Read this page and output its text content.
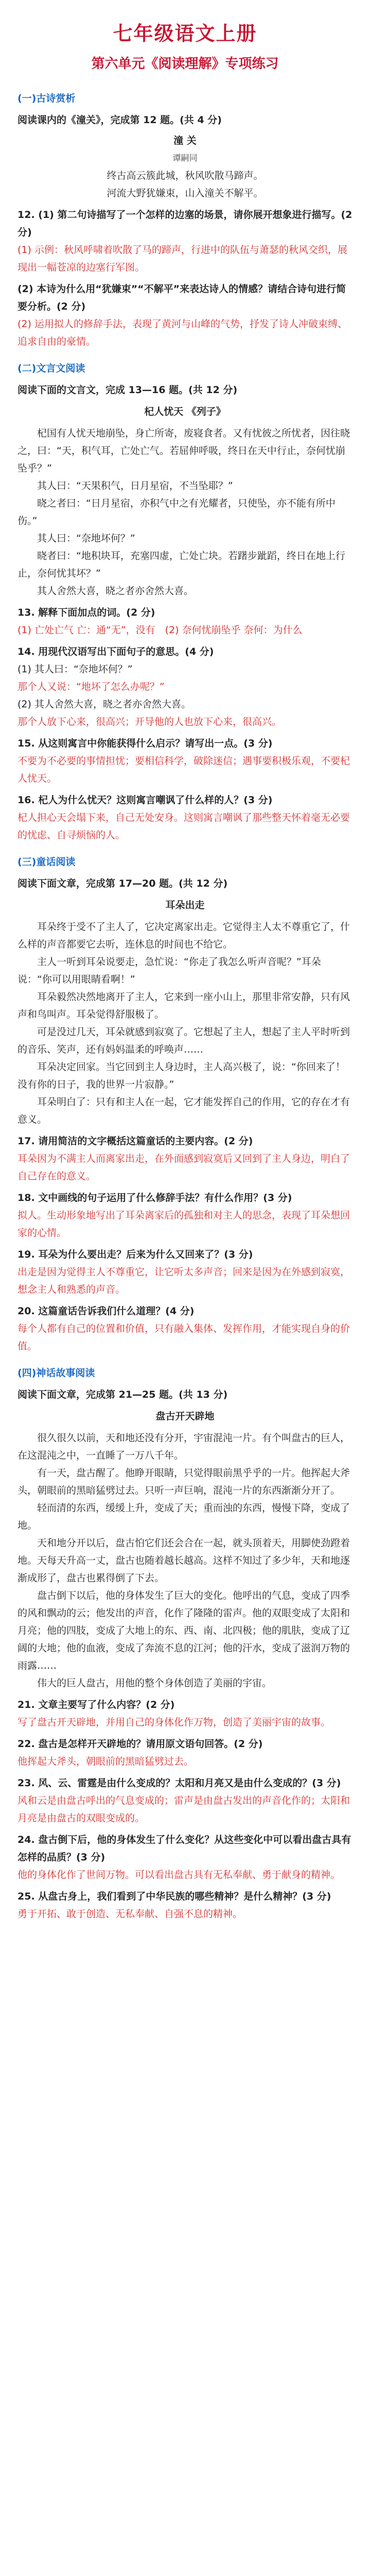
七年级语文上册
第六单元《阅读理解》专项练习
(一)古诗赏析
阅读课内的《潼关》，完成第 12 题。(共 4 分)
潼 关
谭嗣同
终古高云簇此城，秋风吹散马蹄声。
河流大野犹嫌束，山入潼关不解平。
12. (1) 第二句诗描写了一个怎样的边塞的场景，请你展开想象进行描写。(2 分)
(1) 示例：秋风呼啸着吹散了马的蹄声，行进中的队伍与萧瑟的秋风交织，展现出一幅苍凉的边塞行军图。
(2) 本诗为什么用“犹嫌束”“不解平”来表达诗人的情感？请结合诗句进行简要分析。(2 分)
(2) 运用拟人的修辞手法，表现了黄河与山峰的气势，抒发了诗人冲破束缚、追求自由的豪情。
(二)文言文阅读
阅读下面的文言文，完成 13—16 题。(共 12 分)
杞人忧天 《列子》
杞国有人忧天地崩坠，身亡所寄，废寝食者。又有忧彼之所忧者，因往晓之，曰：“天，积气耳，亡处亡气。若屈伸呼吸，终日在天中行止，奈何忧崩坠乎？”
其人曰：“天果积气，日月星宿，不当坠耶？”
晓之者曰：“日月星宿，亦积气中之有光耀者，只使坠，亦不能有所中伤。”
其人曰：“奈地坏何？”
晓者曰：“地积块耳，充塞四虚，亡处亡块。若躇步跐蹈，终日在地上行止，奈何忧其坏？”
其人舍然大喜，晓之者亦舍然大喜。
13. 解释下面加点的词。(2 分)
(1) 亡处亡气 亡：通“无”，没有　(2) 奈何忧崩坠乎 奈何：为什么
14. 用现代汉语写出下面句子的意思。(4 分)
(1) 其人曰：“奈地坏何？”
那个人又说：“地坏了怎么办呢？”
(2) 其人舍然大喜，晓之者亦舍然大喜。
那个人放下心来，很高兴；开导他的人也放下心来，很高兴。
15. 从这则寓言中你能获得什么启示？请写出一点。(3 分)
不要为不必要的事情担忧；要相信科学，破除迷信；遇事要积极乐观，不要杞人忧天。
16. 杞人为什么忧天？这则寓言嘲讽了什么样的人？(3 分)
杞人担心天会塌下来，自己无处安身。这则寓言嘲讽了那些整天怀着毫无必要的忧虑、自寻烦恼的人。
(三)童话阅读
阅读下面文章，完成第 17—20 题。(共 12 分)
耳朵出走
耳朵终于受不了主人了，它决定离家出走。它觉得主人太不尊重它了，什么样的声音都要它去听，连休息的时间也不给它。
主人一听到耳朵说要走，急忙说：“你走了我怎么听声音呢？”耳朵说：“你可以用眼睛看啊！”
耳朵毅然决然地离开了主人，它来到一座小山上，那里非常安静，只有风声和鸟叫声。耳朵觉得舒服极了。
可是没过几天，耳朵就感到寂寞了。它想起了主人，想起了主人平时听到的音乐、笑声，还有妈妈温柔的呼唤声……
耳朵决定回家。当它回到主人身边时，主人高兴极了，说：“你回来了！没有你的日子，我的世界一片寂静。”
耳朵明白了：只有和主人在一起，它才能发挥自己的作用，它的存在才有意义。
17. 请用简洁的文字概括这篇童话的主要内容。(2 分)
耳朵因为不满主人而离家出走，在外面感到寂寞后又回到了主人身边，明白了自己存在的意义。
18. 文中画线的句子运用了什么修辞手法？有什么作用？(3 分)
拟人。生动形象地写出了耳朵离家后的孤独和对主人的思念，表现了耳朵想回家的心情。
19. 耳朵为什么要出走？后来为什么又回来了？(3 分)
出走是因为觉得主人不尊重它，让它听太多声音；回来是因为在外感到寂寞，想念主人和熟悉的声音。
20. 这篇童话告诉我们什么道理？(4 分)
每个人都有自己的位置和价值，只有融入集体、发挥作用，才能实现自身的价值。
(四)神话故事阅读
阅读下面文章，完成第 21—25 题。(共 13 分)
盘古开天辟地
很久很久以前，天和地还没有分开，宇宙混沌一片。有个叫盘古的巨人，在这混沌之中，一直睡了一万八千年。
有一天，盘古醒了。他睁开眼睛，只觉得眼前黑乎乎的一片。他挥起大斧头，朝眼前的黑暗猛劈过去。只听一声巨响，混沌一片的东西渐渐分开了。
轻而清的东西，缓缓上升，变成了天；重而浊的东西，慢慢下降，变成了地。
天和地分开以后，盘古怕它们还会合在一起，就头顶着天，用脚使劲蹬着地。天每天升高一丈，盘古也随着越长越高。这样不知过了多少年，天和地逐渐成形了，盘古也累得倒了下去。
盘古倒下以后，他的身体发生了巨大的变化。他呼出的气息，变成了四季的风和飘动的云；他发出的声音，化作了隆隆的雷声。他的双眼变成了太阳和月亮；他的四肢，变成了大地上的东、西、南、北四极；他的肌肤，变成了辽阔的大地；他的血液，变成了奔流不息的江河；他的汗水，变成了滋润万物的雨露……
伟大的巨人盘古，用他的整个身体创造了美丽的宇宙。
21. 文章主要写了什么内容？(2 分)
写了盘古开天辟地，并用自己的身体化作万物，创造了美丽宇宙的故事。
22. 盘古是怎样开天辟地的？请用原文语句回答。(2 分)
他挥起大斧头，朝眼前的黑暗猛劈过去。
23. 风、云、雷霆是由什么变成的？太阳和月亮又是由什么变成的？(3 分)
风和云是由盘古呼出的气息变成的；雷声是由盘古发出的声音化作的；太阳和月亮是由盘古的双眼变成的。
24. 盘古倒下后，他的身体发生了什么变化？从这些变化中可以看出盘古具有怎样的品质？(3 分)
他的身体化作了世间万物。可以看出盘古具有无私奉献、勇于献身的精神。
25. 从盘古身上，我们看到了中华民族的哪些精神？是什么精神？(3 分)
勇于开拓、敢于创造、无私奉献、自强不息的精神。
